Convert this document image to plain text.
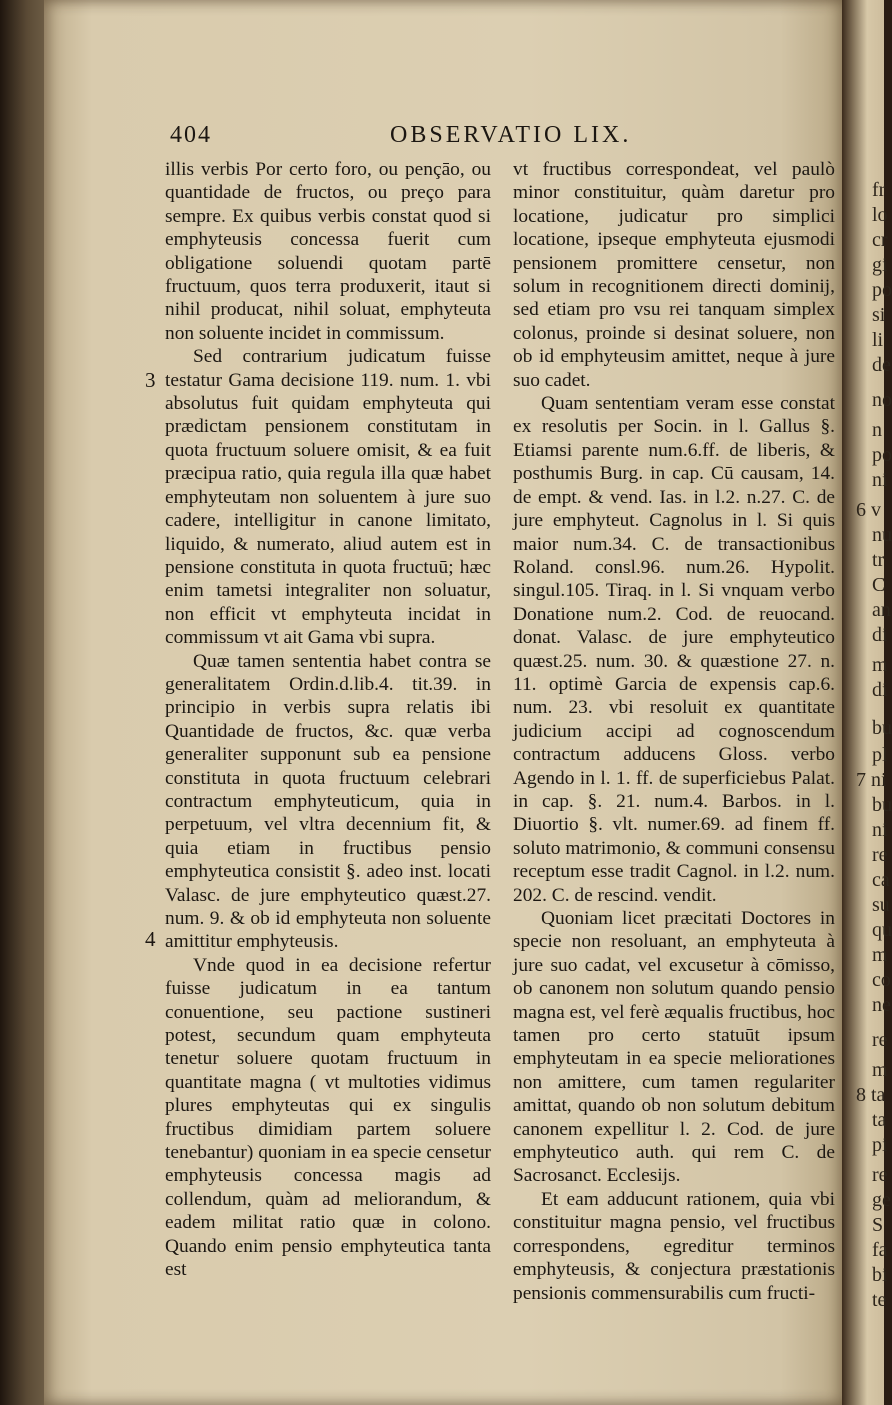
fr
lo
cr
gi
po
si
li
de
no
n
po
ni
6 v
nu
tr
C
an
di
m
di
bu
pl
7 ni
bu
ni
re
ca
su
qu
m
co
ne
re
m
8 ta
ta
pi
re
ge
S
fa
bi
te
404	OBSERVATIO LIX.
3
4

illis verbis Por certo foro, ou pençāo, ou quantidade de fructos, ou preço para sempre. Ex quibus verbis constat quod si emphyteusis concessa fuerit cum obligatione soluendi quotam partē fructuum, quos terra produxerit, itaut si nihil producat, nihil soluat, emphyteuta non soluente incidet in commissum.

Sed contrarium judicatum fuisse testatur Gama decisione 119. num. 1. vbi absolutus fuit quidam emphyteuta qui prædictam pensionem constitutam in quota fructuum soluere omisit, & ea fuit præcipua ratio, quia regula illa quæ habet emphyteutam non soluentem à jure suo cadere, intelligitur in canone limitato, liquido, & numerato, aliud autem est in pensione constituta in quota fructuū; hæc enim tametsi integraliter non soluatur, non efficit vt emphyteuta incidat in commissum vt ait Gama vbi supra.

Quæ tamen sententia habet contra se generalitatem Ordin.d.lib.4. tit.39. in principio in verbis supra relatis ibi Quantidade de fructos, &c. quæ verba generaliter supponunt sub ea pensione constituta in quota fructuum celebrari contractum emphyteuticum, quia in perpetuum, vel vltra decennium fit, & quia etiam in fructibus pensio emphyteutica consistit §. adeo inst. locati Valasc. de jure emphyteutico quæst.27. num. 9. & ob id emphyteuta non soluente amittitur emphyteusis.

Vnde quod in ea decisione refertur fuisse judicatum in ea tantum conuentione, seu pactione sustineri potest, secundum quam emphyteuta tenetur soluere quotam fructuum in quantitate magna ( vt multoties vidimus plures emphyteutas qui ex singulis fructibus dimidiam partem soluere tenebantur) quoniam in ea specie censetur emphyteusis concessa magis ad collendum, quàm ad meliorandum, & eadem militat ratio quæ in colono. Quando enim pensio emphyteutica tanta est

vt fructibus correspondeat, vel paulò minor constituitur, quàm daretur pro locatione, judicatur pro simplici locatione, ipseque emphyteuta ejusmodi pensionem promittere censetur, non solum in recognitionem directi dominij, sed etiam pro vsu rei tanquam simplex colonus, proinde si desinat soluere, non ob id emphyteusim amittet, neque à jure suo cadet.

Quam sententiam veram esse constat ex resolutis per Socin. in l. Gallus §. Etiamsi parente num.6.ff. de liberis, & posthumis Burg. in cap. Cū causam, 14. de empt. & vend. Ias. in l.2. n.27. C. de jure emphyteut. Cagnolus in l. Si quis maior num.34. C. de transactionibus Roland. consl.96. num.26. Hypolit. singul.105. Tiraq. in l. Si vnquam verbo Donatione num.2. Cod. de reuocand. donat. Valasc. de jure emphyteutico quæst.25. num. 30. & quæstione 27. n. 11. optimè Garcia de expensis cap.6. num. 23. vbi resoluit ex quantitate judicium accipi ad cognoscendum contractum adducens Gloss. verbo Agendo in l. 1. ff. de superficiebus Palat. in cap. §. 21. num.4. Barbos. in l. Diuortio §. vlt. numer.69. ad finem ff. soluto matrimonio, & communi consensu receptum esse tradit Cagnol. in l.2. num. 202. C. de rescind. vendit.

Quoniam licet præcitati Doctores in specie non resoluant, an emphyteuta à jure suo cadat, vel excusetur à cōmisso, ob canonem non solutum quando pensio magna est, vel ferè æqualis fructibus, hoc tamen pro certo statuūt ipsum emphyteutam in ea specie meliorationes non amittere, cum tamen regulariter amittat, quando ob non solutum debitum canonem expellitur l. 2. Cod. de jure emphyteutico auth. qui rem C. de Sacrosanct. Ecclesijs.

Et eam adducunt rationem, quia vbi constituitur magna pensio, vel fructibus correspondens, egreditur terminos emphyteusis, & conjectura præstationis pensionis commensurabilis cum fructi-
